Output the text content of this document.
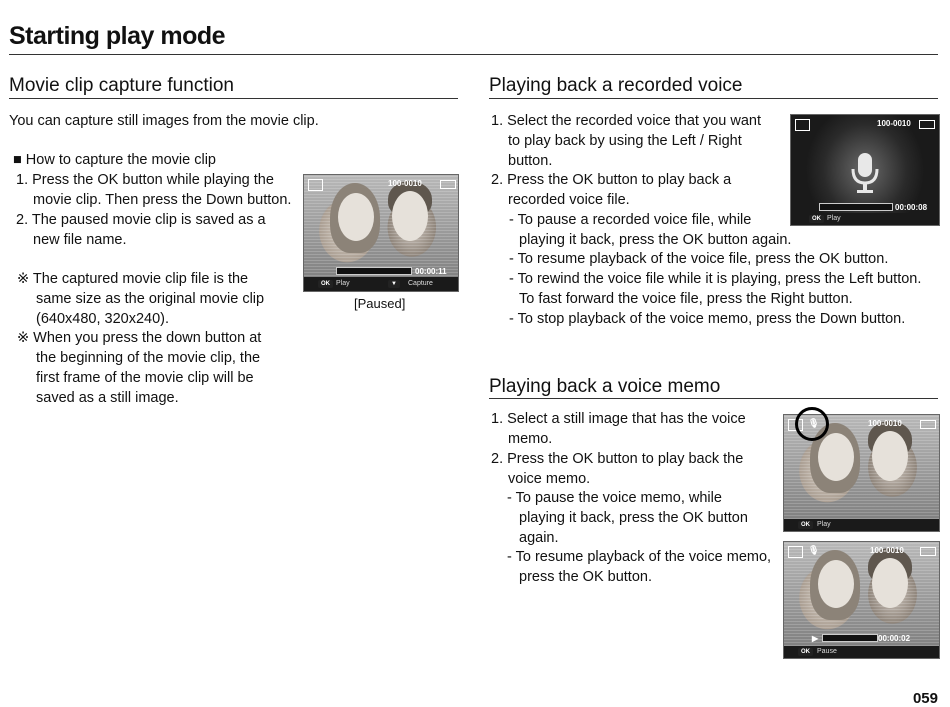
Starting play mode
Movie clip capture function
You can capture still images from the movie clip.
■ How to capture the movie clip
1. Press the OK button while playing the
movie clip. Then press the Down button.
2. The paused movie clip is saved as a
new file name.
※ The captured movie clip file is the
same size as the original movie clip
(640x480, 320x240).
※ When you press the down button at
the beginning of the movie clip, the
first frame of the movie clip will be
saved as a still image.
100-0010
00:00:11
OK Play	▼	Capture
[Paused]
Playing back a recorded voice
1. Select the recorded voice that you want
to play back by using the Left / Right
button.
2. Press the OK button to play back a
recorded voice file.
- To pause a recorded voice file, while
playing it back, press the OK button again.
- To resume playback of the voice file, press the OK button.
- To rewind the voice file while it is playing, press the Left button.
To fast forward the voice file, press the Right button.
- To stop playback of the voice memo, press the Down button.
100-0010
00:00:08
OK Play
Playing back a voice memo
1. Select a still image that has the voice
memo.
2. Press the OK button to play back the
voice memo.
- To pause the voice memo, while
playing it back, press the OK button
again.
- To resume playback of the voice memo,
press the OK button.
🎙	100-0010
OK	Play
🎙	100-0010
▶	00:00:02
OK	Pause
059
